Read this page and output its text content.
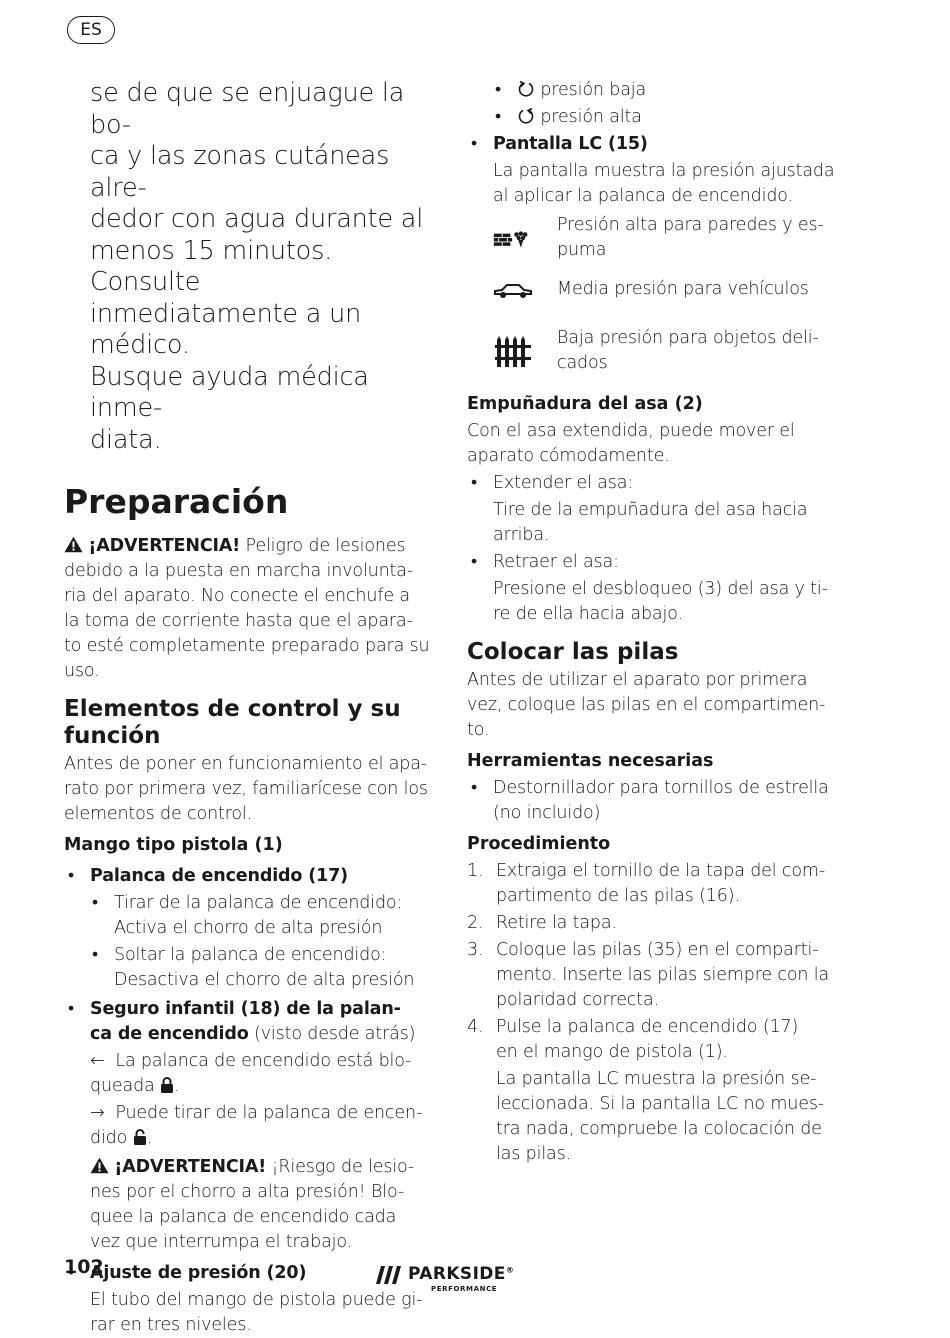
ES
se de que se enjuague la bo-
ca y las zonas cutáneas alre-
dedor con agua durante al
menos 15 minutos. Consulte
inmediatamente a un médico.
Busque ayuda médica inme-
diata.
Preparación
¡ADVERTENCIA! Peligro de lesiones
debido a la puesta en marcha involunta-
ria del aparato. No conecte el enchufe a
la toma de corriente hasta que el apara-
to esté completamente preparado para su
uso.
Elementos de control y su
función
Antes de poner en funcionamiento el apa-
rato por primera vez, familiarícese con los
elementos de control.
Mango tipo pistola (1)
• Palanca de encendido (17)
• Tirar de la palanca de encendido:
Activa el chorro de alta presión
• Soltar la palanca de encendido:
Desactiva el chorro de alta presión
• Seguro infantil (18) de la palan-
ca de encendido (visto desde atrás)
← La palanca de encendido está blo-
queada .
→ Puede tirar de la palanca de encen-
dido .
¡ADVERTENCIA! ¡Riesgo de lesio-
nes por el chorro a alta presión! Blo-
quee la palanca de encendido cada
vez que interrumpa el trabajo.
• Ajuste de presión (20)
El tubo del mango de pistola puede gi-
rar en tres niveles.
• presión baja
• presión alta
• Pantalla LC (15)
La pantalla muestra la presión ajustada
al aplicar la palanca de encendido.
Presión alta para paredes y es-
puma
Media presión para vehículos
Baja presión para objetos deli-
cados
Empuñadura del asa (2)
Con el asa extendida, puede mover el
aparato cómodamente.
• Extender el asa:
Tire de la empuñadura del asa hacia
arriba.
• Retraer el asa:
Presione el desbloqueo (3) del asa y ti-
re de ella hacia abajo.
Colocar las pilas
Antes de utilizar el aparato por primera
vez, coloque las pilas en el compartimen-
to.
Herramientas necesarias
• Destornillador para tornillos de estrella
(no incluido)
Procedimiento
1. Extraiga el tornillo de la tapa del com-
partimento de las pilas (16).
2. Retire la tapa.
3. Coloque las pilas (35) en el comparti-
mento. Inserte las pilas siempre con la
polaridad correcta.
4. Pulse la palanca de encendido (17)
en el mango de pistola (1).
La pantalla LC muestra la presión se-
leccionada. Si la pantalla LC no mues-
tra nada, compruebe la colocación de
las pilas.
102	PARKSIDE®
PERFORMANCE
